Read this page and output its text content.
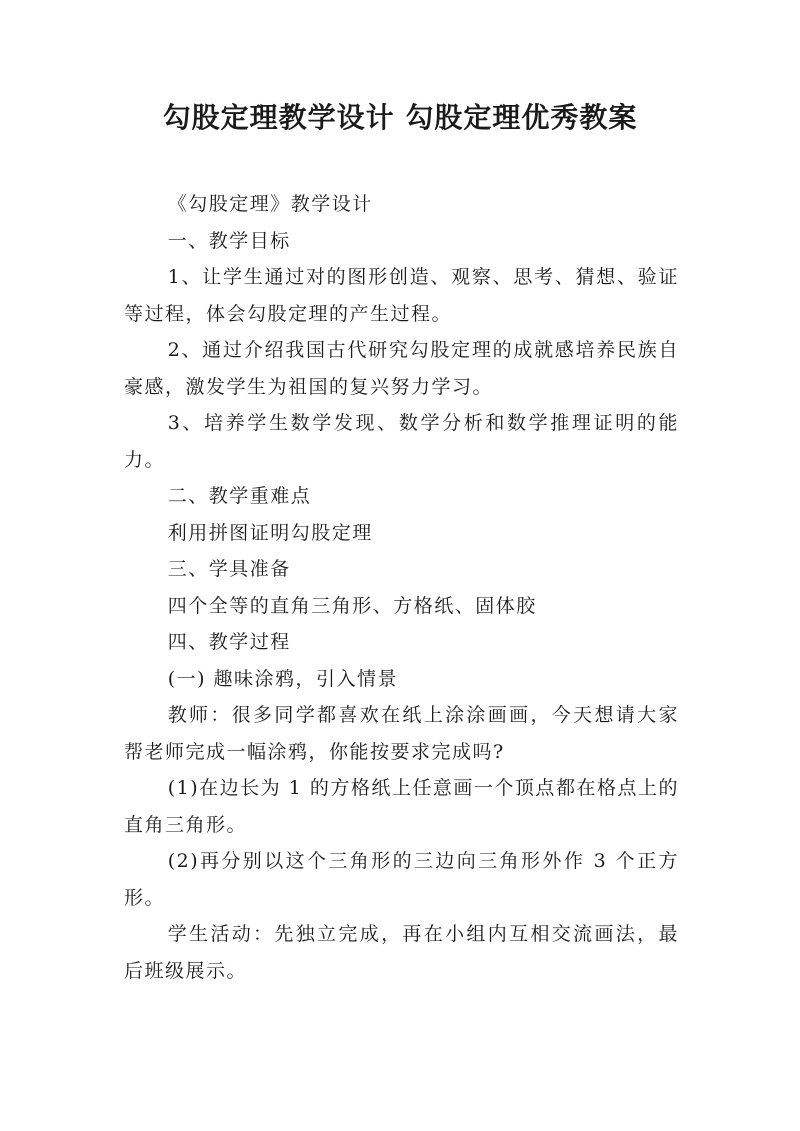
勾股定理教学设计 勾股定理优秀教案

《勾股定理》教学设计

一、教学目标

1、让学生通过对的图形创造、观察、思考、猜想、验证等过程，体会勾股定理的产生过程。

2、通过介绍我国古代研究勾股定理的成就感培养民族自豪感，激发学生为祖国的复兴努力学习。

3、培养学生数学发现、数学分析和数学推理证明的能力。

二、教学重难点

利用拼图证明勾股定理

三、学具准备

四个全等的直角三角形、方格纸、固体胶

四、教学过程

(一) 趣味涂鸦，引入情景

教师：很多同学都喜欢在纸上涂涂画画，今天想请大家帮老师完成一幅涂鸦，你能按要求完成吗?

(1)在边长为 1 的方格纸上任意画一个顶点都在格点上的直角三角形。

(2)再分别以这个三角形的三边向三角形外作 3 个正方形。

学生活动：先独立完成，再在小组内互相交流画法，最后班级展示。
